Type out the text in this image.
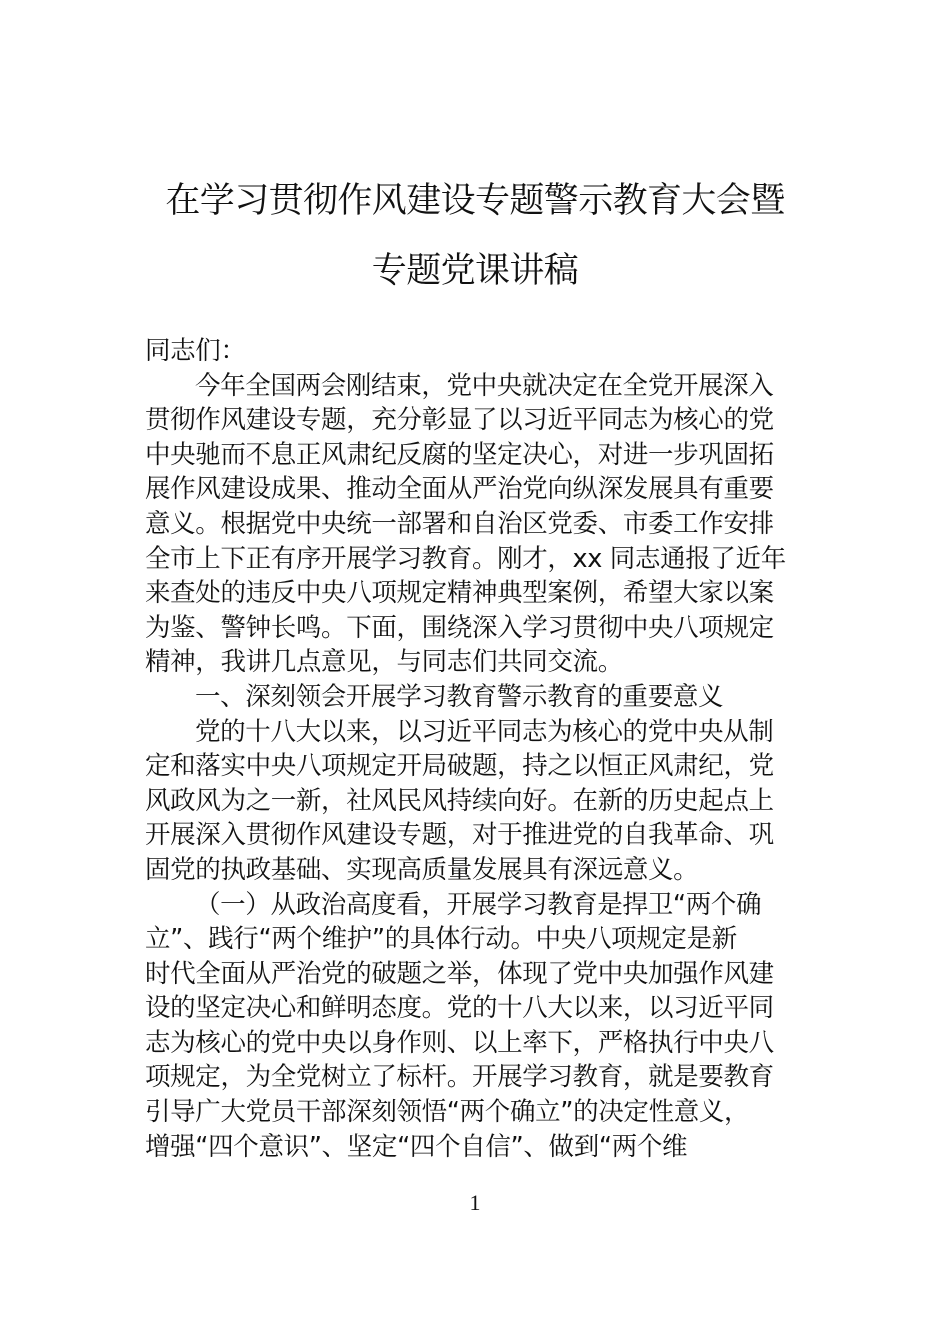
在学习贯彻作风建设专题警示教育大会暨
专题党课讲稿
同志们：
今年全国两会刚结束，党中央就决定在全党开展深入
贯彻作风建设专题，充分彰显了以习近平同志为核心的党
中央驰而不息正风肃纪反腐的坚定决心，对进一步巩固拓
展作风建设成果、推动全面从严治党向纵深发展具有重要
意义。根据党中央统一部署和自治区党委、市委工作安排
全市上下正有序开展学习教育。刚才，xx 同志通报了近年
来查处的违反中央八项规定精神典型案例，希望大家以案
为鉴、警钟长鸣。下面，围绕深入学习贯彻中央八项规定
精神，我讲几点意见，与同志们共同交流。
一、深刻领会开展学习教育警示教育的重要意义
党的十八大以来，以习近平同志为核心的党中央从制
定和落实中央八项规定开局破题，持之以恒正风肃纪，党
风政风为之一新，社风民风持续向好。在新的历史起点上
开展深入贯彻作风建设专题，对于推进党的自我革命、巩
固党的执政基础、实现高质量发展具有深远意义。
（一）从政治高度看，开展学习教育是捍卫“两个确
立”、践行“两个维护”的具体行动。中央八项规定是新
时代全面从严治党的破题之举，体现了党中央加强作风建
设的坚定决心和鲜明态度。党的十八大以来，以习近平同
志为核心的党中央以身作则、以上率下，严格执行中央八
项规定，为全党树立了标杆。开展学习教育，就是要教育
引导广大党员干部深刻领悟“两个确立”的决定性意义，
增强“四个意识”、坚定“四个自信”、做到“两个维
1
